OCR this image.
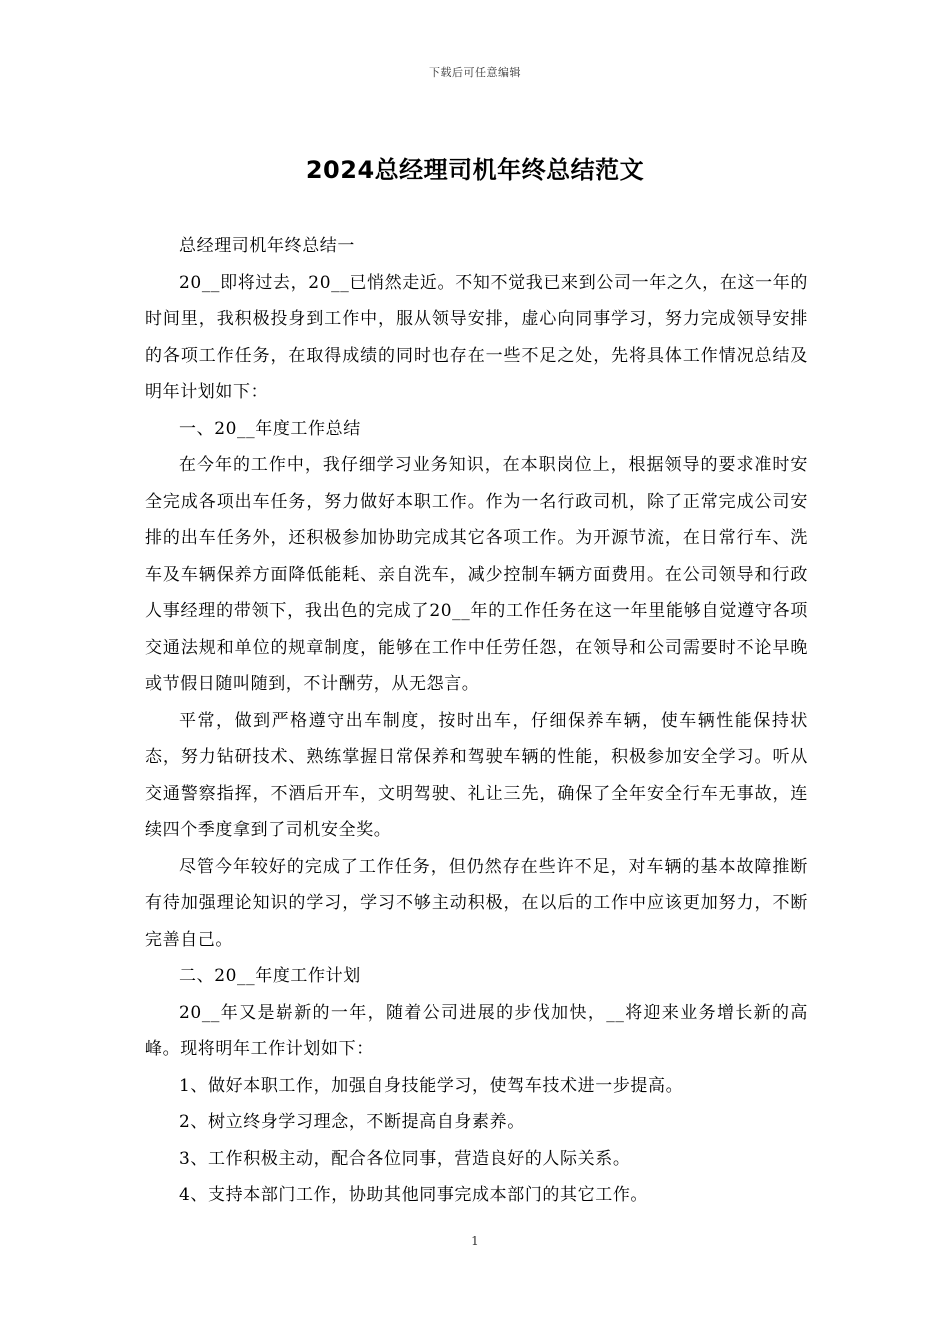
下载后可任意编辑
2024总经理司机年终总结范文

总经理司机年终总结一

20__即将过去，20__已悄然走近。不知不觉我已来到公司一年之久，在这一年的时间里，我积极投身到工作中，服从领导安排，虚心向同事学习，努力完成领导安排的各项工作任务，在取得成绩的同时也存在一些不足之处，先将具体工作情况总结及明年计划如下：

一、20__年度工作总结

在今年的工作中，我仔细学习业务知识，在本职岗位上，根据领导的要求准时安全完成各项出车任务，努力做好本职工作。作为一名行政司机，除了正常完成公司安排的出车任务外，还积极参加协助完成其它各项工作。为开源节流，在日常行车、洗车及车辆保养方面降低能耗、亲自洗车，减少控制车辆方面费用。在公司领导和行政人事经理的带领下，我出色的完成了20__年的工作任务在这一年里能够自觉遵守各项交通法规和单位的规章制度，能够在工作中任劳任怨，在领导和公司需要时不论早晚或节假日随叫随到，不计酬劳，从无怨言。

平常，做到严格遵守出车制度，按时出车，仔细保养车辆，使车辆性能保持状态，努力钻研技术、熟练掌握日常保养和驾驶车辆的性能，积极参加安全学习。听从交通警察指挥，不酒后开车，文明驾驶、礼让三先，确保了全年安全行车无事故，连续四个季度拿到了司机安全奖。

尽管今年较好的完成了工作任务，但仍然存在些许不足，对车辆的基本故障推断有待加强理论知识的学习，学习不够主动积极，在以后的工作中应该更加努力，不断完善自己。

二、20__年度工作计划

20__年又是崭新的一年，随着公司进展的步伐加快，__将迎来业务增长新的高峰。现将明年工作计划如下：

1、做好本职工作，加强自身技能学习，使驾车技术进一步提高。

2、树立终身学习理念，不断提高自身素养。

3、工作积极主动，配合各位同事，营造良好的人际关系。

4、支持本部门工作，协助其他同事完成本部门的其它工作。

1
